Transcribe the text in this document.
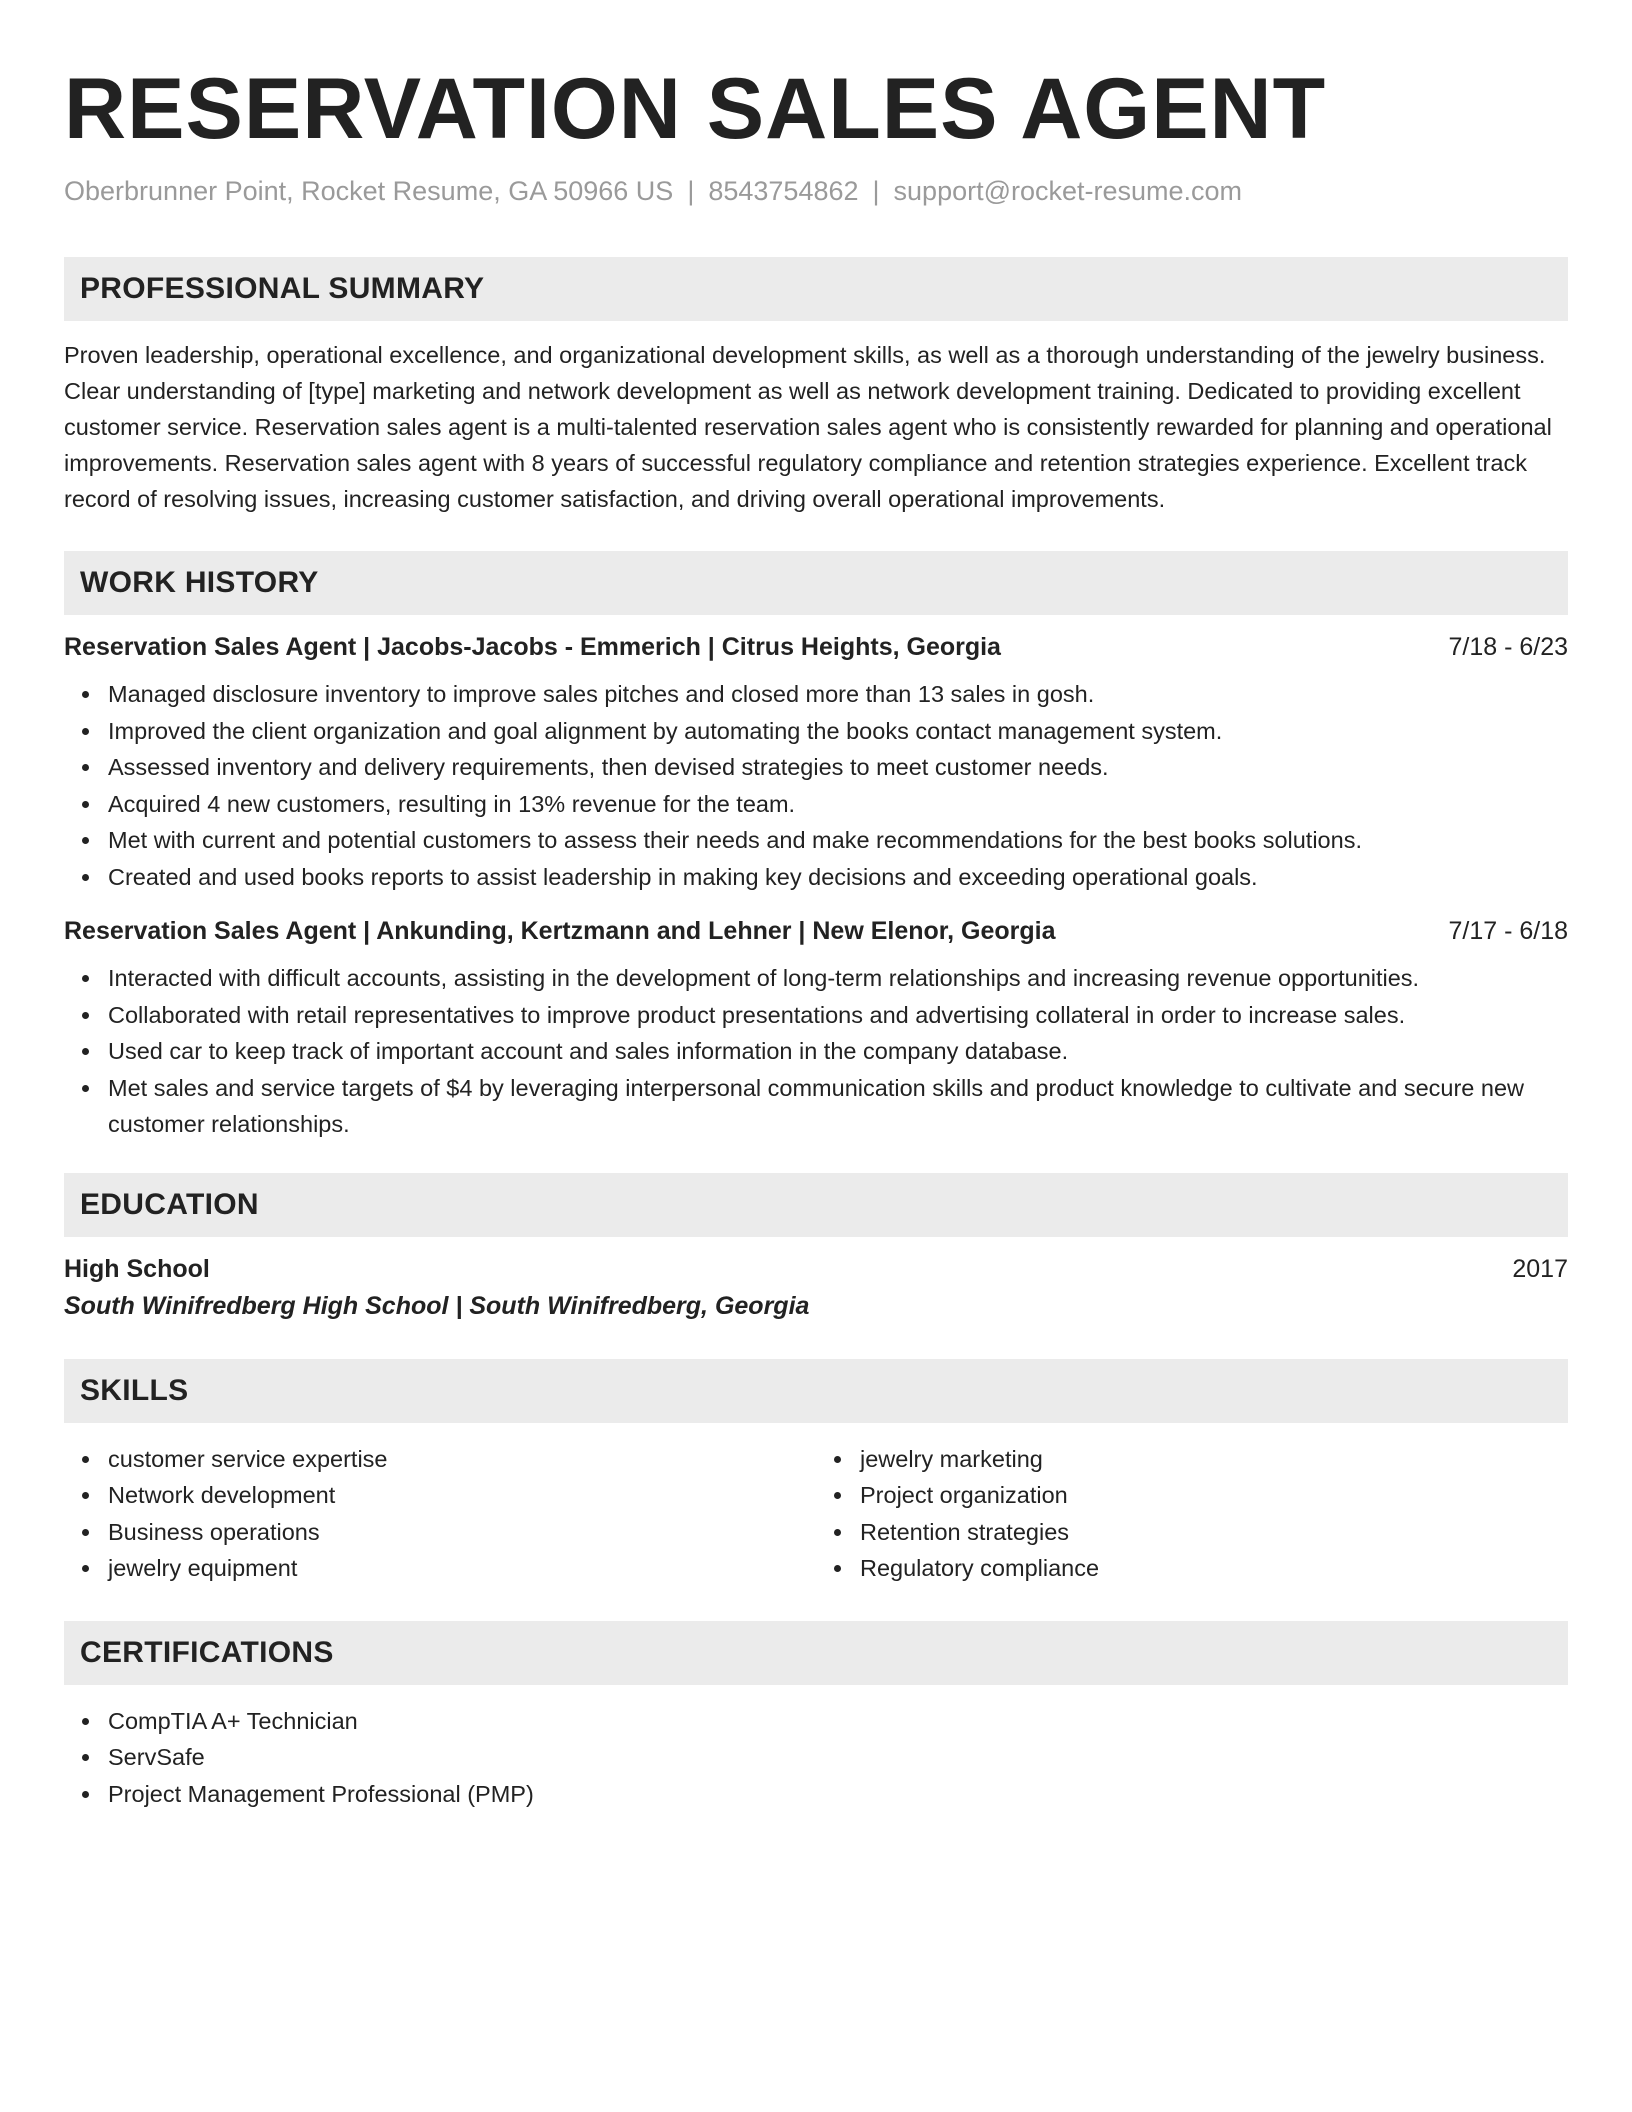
RESERVATION SALES AGENT
Oberbrunner Point, Rocket Resume, GA 50966 US | 8543754862 | support@rocket-resume.com
PROFESSIONAL SUMMARY

Proven leadership, operational excellence, and organizational development skills, as well as a thorough understanding of the jewelry business. Clear understanding of [type] marketing and network development as well as network development training. Dedicated to providing excellent customer service. Reservation sales agent is a multi-talented reservation sales agent who is consistently rewarded for planning and operational improvements. Reservation sales agent with 8 years of successful regulatory compliance and retention strategies experience. Excellent track record of resolving issues, increasing customer satisfaction, and driving overall operational improvements.

WORK HISTORY
Reservation Sales Agent | Jacobs-Jacobs - Emmerich | Citrus Heights, Georgia	7/18 - 6/23
Managed disclosure inventory to improve sales pitches and closed more than 13 sales in gosh.
Improved the client organization and goal alignment by automating the books contact management system.
Assessed inventory and delivery requirements, then devised strategies to meet customer needs.
Acquired 4 new customers, resulting in 13% revenue for the team.
Met with current and potential customers to assess their needs and make recommendations for the best books solutions.
Created and used books reports to assist leadership in making key decisions and exceeding operational goals.
Reservation Sales Agent | Ankunding, Kertzmann and Lehner | New Elenor, Georgia	7/17 - 6/18
Interacted with difficult accounts, assisting in the development of long-term relationships and increasing revenue opportunities.
Collaborated with retail representatives to improve product presentations and advertising collateral in order to increase sales.
Used car to keep track of important account and sales information in the company database.
Met sales and service targets of $4 by leveraging interpersonal communication skills and product knowledge to cultivate and secure new customer relationships.
EDUCATION
High School	2017
South Winifredberg High School | South Winifredberg, Georgia
SKILLS
customer service expertise
Network development
Business operations
jewelry equipment
jewelry marketing
Project organization
Retention strategies
Regulatory compliance
CERTIFICATIONS
CompTIA A+ Technician
ServSafe
Project Management Professional (PMP)
